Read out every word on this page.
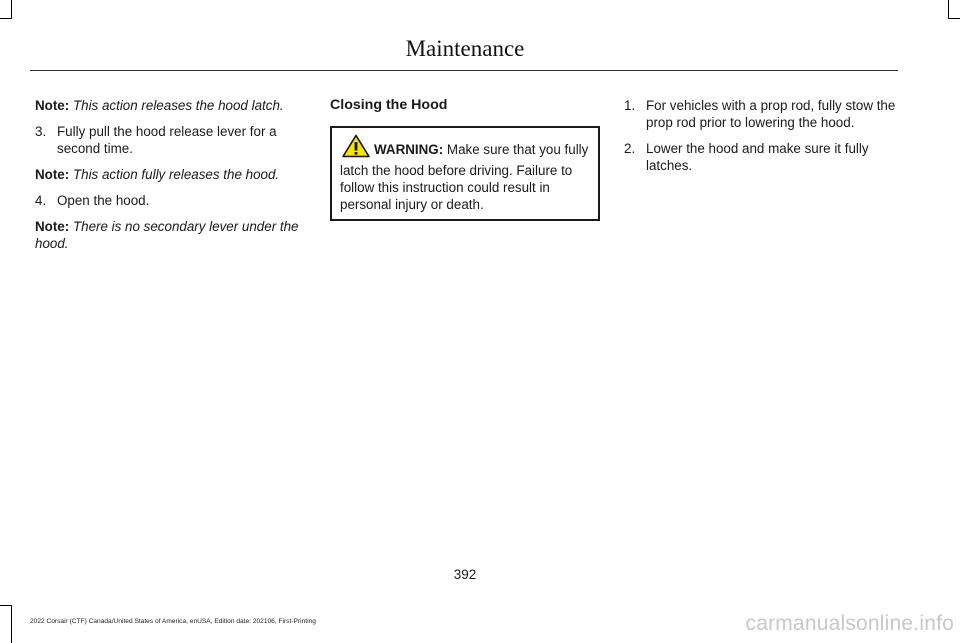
Maintenance

Note: This action releases the hood latch.

3. Fully pull the hood release lever for a second time.

Note: This action fully releases the hood.

4. Open the hood.

Note: There is no secondary lever under the hood.

Closing the Hood
WARNING: Make sure that you fully latch the hood before driving. Failure to follow this instruction could result in personal injury or death.
1. For vehicles with a prop rod, fully stow the prop rod prior to lowering the hood.
2. Lower the hood and make sure it fully latches.
392
2022 Corsair (CTF) Canada/United States of America, enUSA, Edition date: 202106, First-Printing	carmanualsonline.info
